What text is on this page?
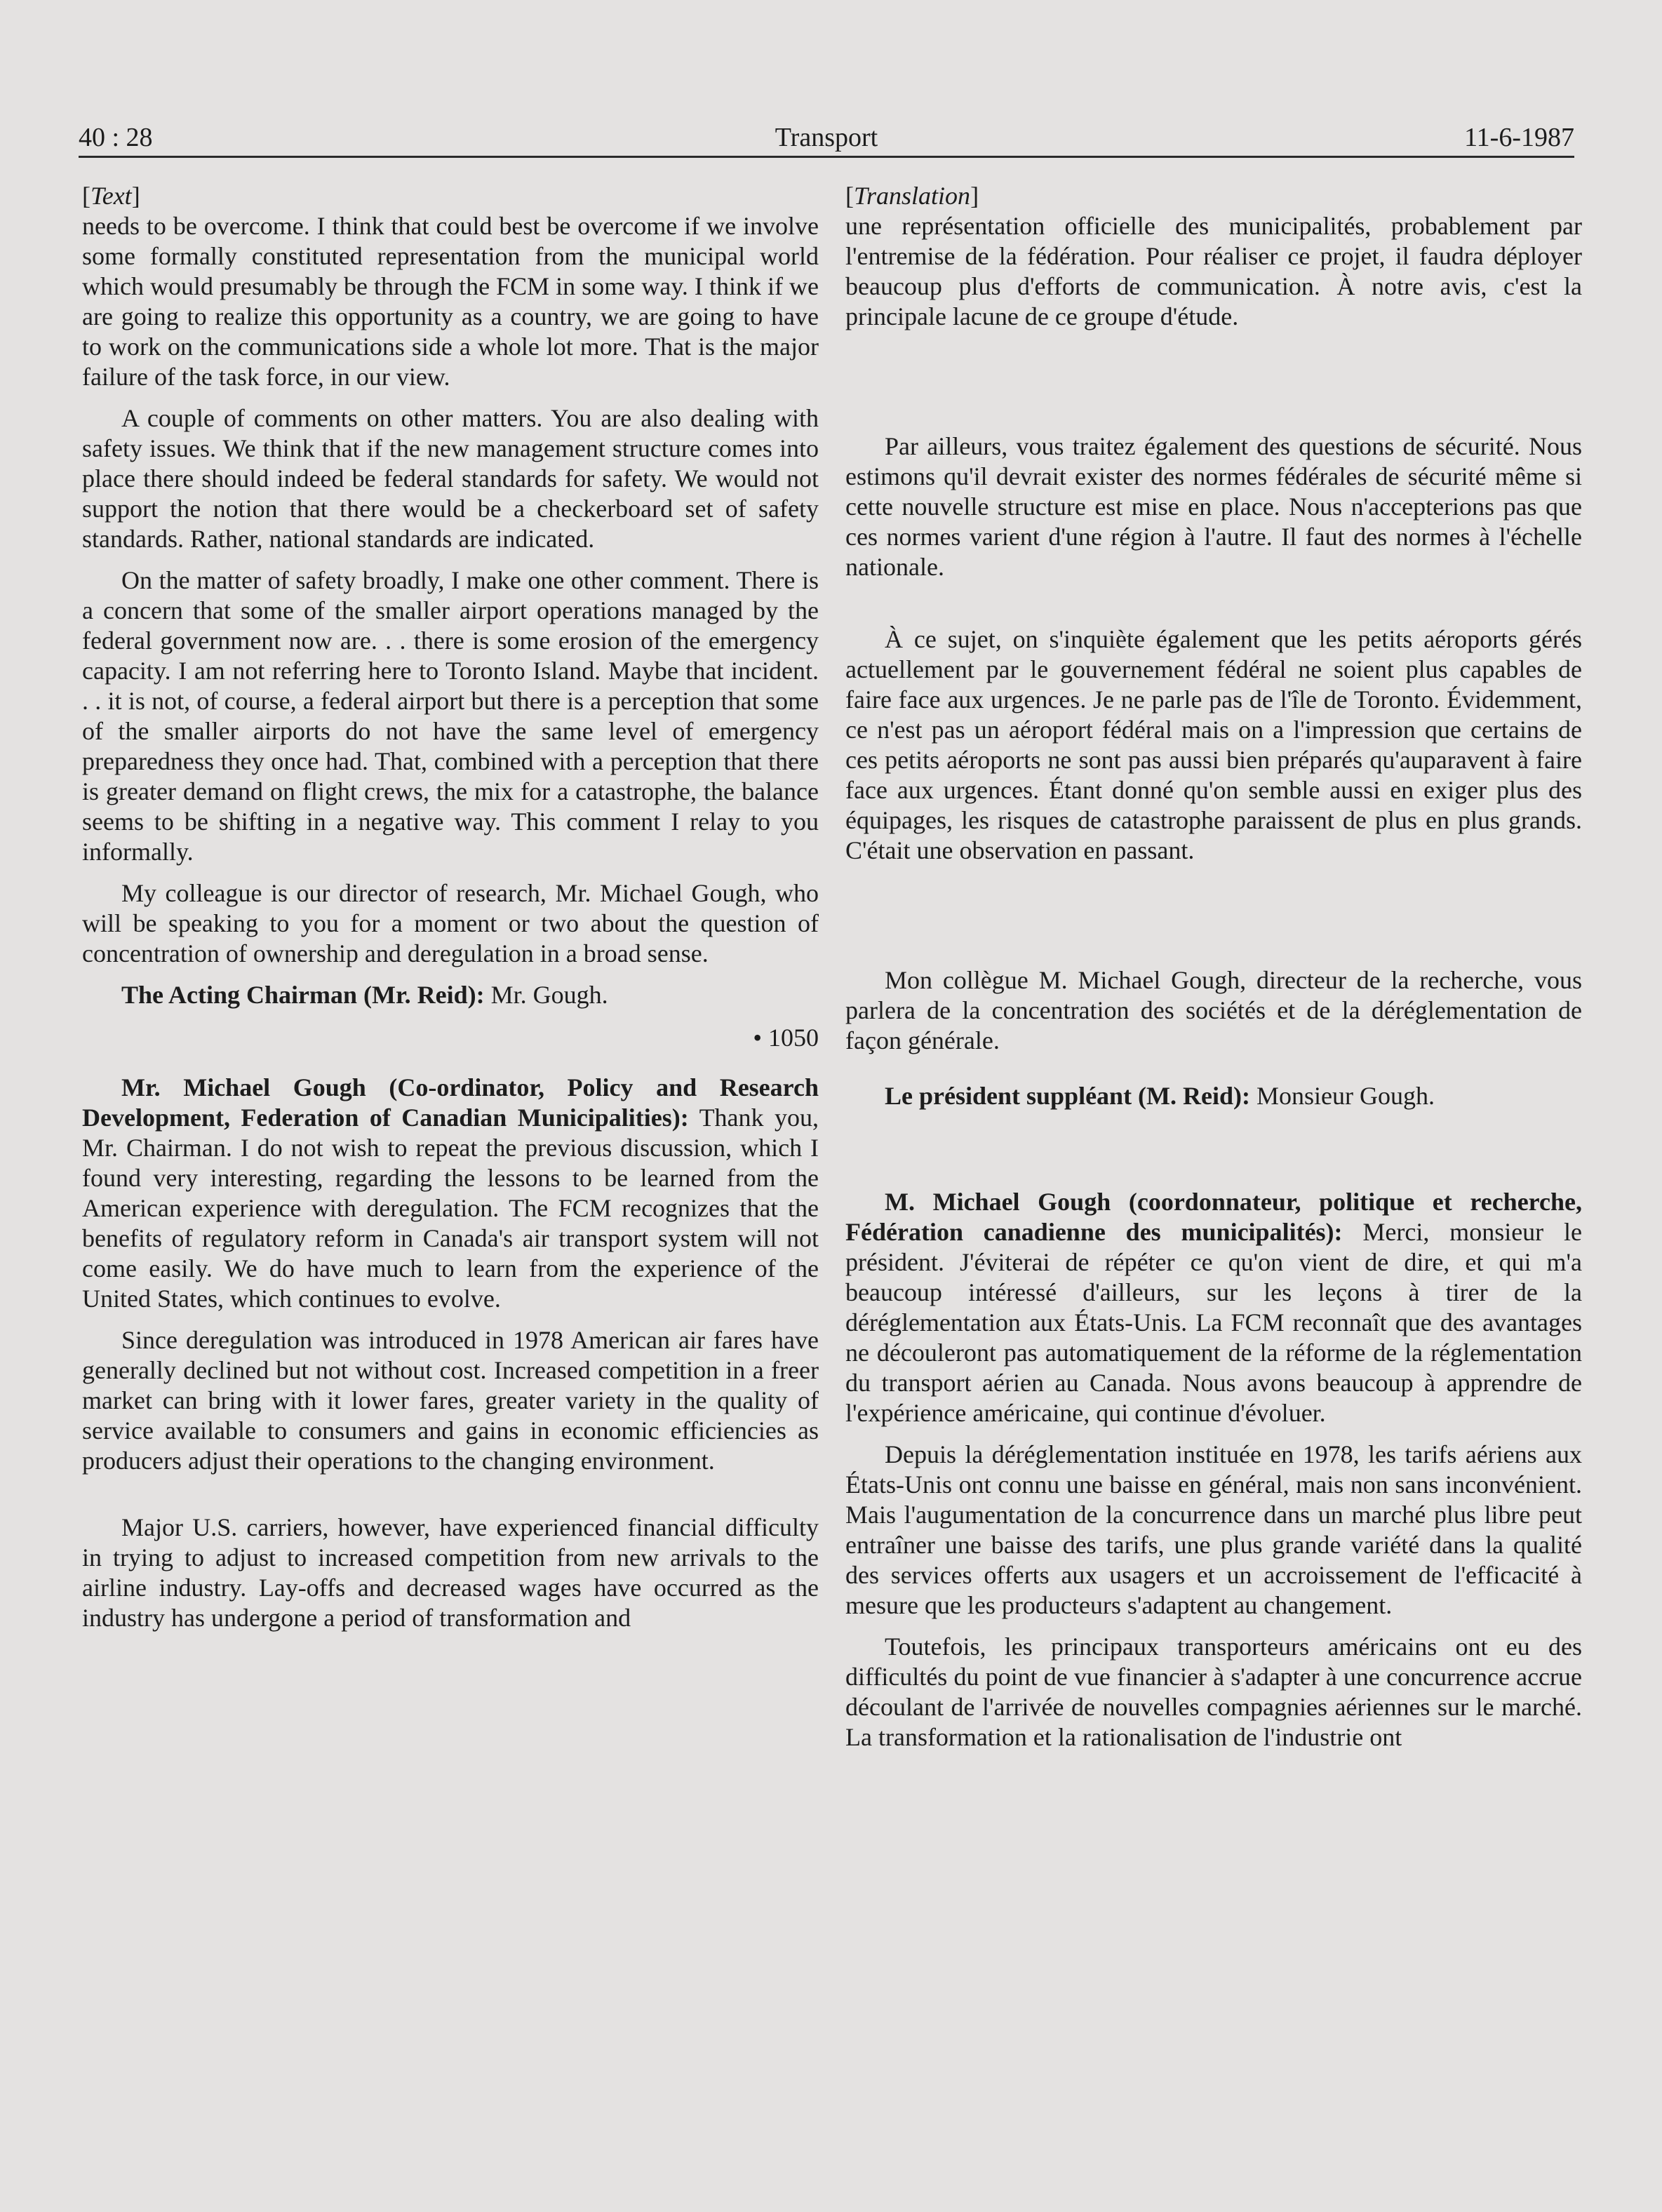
40 : 28	Transport	11-6-1987
[Text]

needs to be overcome. I think that could best be overcome if we involve some formally constituted representation from the municipal world which would presumably be through the FCM in some way. I think if we are going to realize this opportunity as a country, we are going to have to work on the communications side a whole lot more. That is the major failure of the task force, in our view.

A couple of comments on other matters. You are also dealing with safety issues. We think that if the new management structure comes into place there should indeed be federal standards for safety. We would not support the notion that there would be a checkerboard set of safety standards. Rather, national standards are indicated.

On the matter of safety broadly, I make one other comment. There is a concern that some of the smaller airport operations managed by the federal government now are. . . there is some erosion of the emergency capacity. I am not referring here to Toronto Island. Maybe that incident. . . it is not, of course, a federal airport but there is a perception that some of the smaller airports do not have the same level of emergency preparedness they once had. That, combined with a perception that there is greater demand on flight crews, the mix for a catastrophe, the balance seems to be shifting in a negative way. This comment I relay to you informally.

My colleague is our director of research, Mr. Michael Gough, who will be speaking to you for a moment or two about the question of concentration of ownership and deregulation in a broad sense.

The Acting Chairman (Mr. Reid): Mr. Gough.

• 1050

Mr. Michael Gough (Co-ordinator, Policy and Research Development, Federation of Canadian Municipalities): Thank you, Mr. Chairman. I do not wish to repeat the previous discussion, which I found very interesting, regarding the lessons to be learned from the American experience with deregulation. The FCM recognizes that the benefits of regulatory reform in Canada's air transport system will not come easily. We do have much to learn from the experience of the United States, which continues to evolve.

Since deregulation was introduced in 1978 American air fares have generally declined but not without cost. Increased competition in a freer market can bring with it lower fares, greater variety in the quality of service available to consumers and gains in economic efficiencies as producers adjust their operations to the changing environment.

Major U.S. carriers, however, have experienced financial difficulty in trying to adjust to increased competition from new arrivals to the airline industry. Lay-offs and decreased wages have occurred as the industry has undergone a period of transformation and

[Translation]

une représentation officielle des municipalités, probablement par l'entremise de la fédération. Pour réaliser ce projet, il faudra déployer beaucoup plus d'efforts de communication. À notre avis, c'est la principale lacune de ce groupe d'étude.

Par ailleurs, vous traitez également des questions de sécurité. Nous estimons qu'il devrait exister des normes fédérales de sécurité même si cette nouvelle structure est mise en place. Nous n'accepterions pas que ces normes varient d'une région à l'autre. Il faut des normes à l'échelle nationale.

À ce sujet, on s'inquiète également que les petits aéroports gérés actuellement par le gouvernement fédéral ne soient plus capables de faire face aux urgences. Je ne parle pas de l'île de Toronto. Évidemment, ce n'est pas un aéroport fédéral mais on a l'impression que certains de ces petits aéroports ne sont pas aussi bien préparés qu'auparavent à faire face aux urgences. Étant donné qu'on semble aussi en exiger plus des équipages, les risques de catastrophe paraissent de plus en plus grands. C'était une observation en passant.

Mon collègue M. Michael Gough, directeur de la recherche, vous parlera de la concentration des sociétés et de la déréglementation de façon générale.

Le président suppléant (M. Reid): Monsieur Gough.

M. Michael Gough (coordonnateur, politique et recherche, Fédération canadienne des municipalités): Merci, monsieur le président. J'éviterai de répéter ce qu'on vient de dire, et qui m'a beaucoup intéressé d'ailleurs, sur les leçons à tirer de la déréglementation aux États-Unis. La FCM reconnaît que des avantages ne découleront pas automatiquement de la réforme de la réglementation du transport aérien au Canada. Nous avons beaucoup à apprendre de l'expérience américaine, qui continue d'évoluer.

Depuis la déréglementation instituée en 1978, les tarifs aériens aux États-Unis ont connu une baisse en général, mais non sans inconvénient. Mais l'augumentation de la concurrence dans un marché plus libre peut entraîner une baisse des tarifs, une plus grande variété dans la qualité des services offerts aux usagers et un accroissement de l'efficacité à mesure que les producteurs s'adaptent au changement.

Toutefois, les principaux transporteurs américains ont eu des difficultés du point de vue financier à s'adapter à une concurrence accrue découlant de l'arrivée de nouvelles compagnies aériennes sur le marché. La transformation et la rationalisation de l'industrie ont
